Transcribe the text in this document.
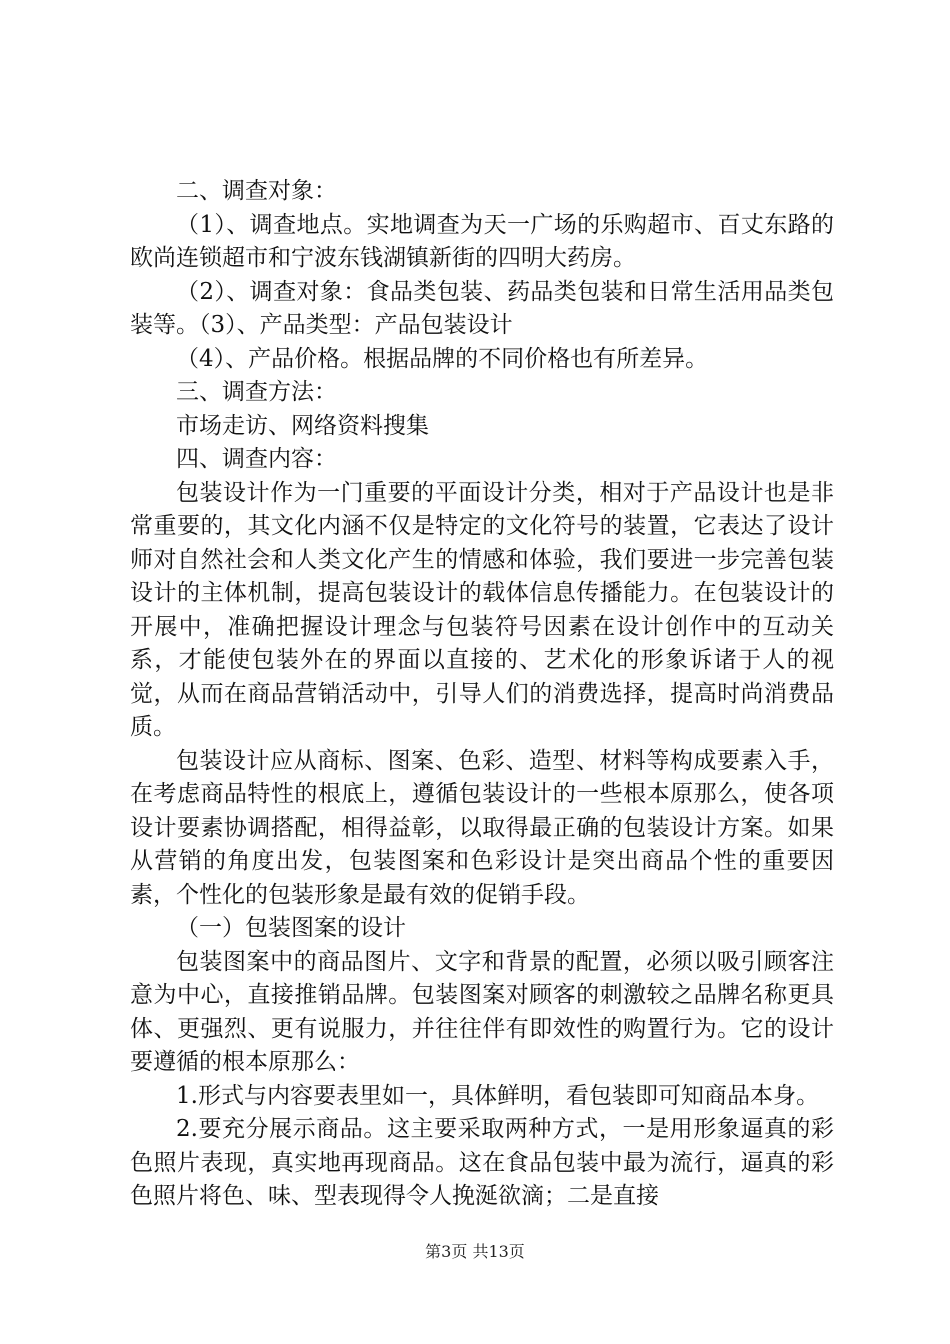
二、调查对象：

（1）、调查地点。实地调查为天一广场的乐购超市、百丈东路的欧尚连锁超市和宁波东钱湖镇新街的四明大药房。

（2）、调查对象：食品类包装、药品类包装和日常生活用品类包装等。（3）、产品类型：产品包装设计

（4）、产品价格。根据品牌的不同价格也有所差异。

三、调查方法：

市场走访、网络资料搜集

四、调查内容：

包装设计作为一门重要的平面设计分类，相对于产品设计也是非常重要的，其文化内涵不仅是特定的文化符号的装置，它表达了设计师对自然社会和人类文化产生的情感和体验，我们要进一步完善包装设计的主体机制，提高包装设计的载体信息传播能力。在包装设计的开展中，准确把握设计理念与包装符号因素在设计创作中的互动关系，才能使包装外在的界面以直接的、艺术化的形象诉诸于人的视觉，从而在商品营销活动中，引导人们的消费选择，提高时尚消费品质。

包装设计应从商标、图案、色彩、造型、材料等构成要素入手，在考虑商品特性的根底上，遵循包装设计的一些根本原那么，使各项设计要素协调搭配，相得益彰，以取得最正确的包装设计方案。如果从营销的角度出发，包装图案和色彩设计是突出商品个性的重要因素，个性化的包装形象是最有效的促销手段。

（一）包装图案的设计

包装图案中的商品图片、文字和背景的配置，必须以吸引顾客注意为中心，直接推销品牌。包装图案对顾客的刺激较之品牌名称更具体、更强烈、更有说服力，并往往伴有即效性的购置行为。它的设计要遵循的根本原那么：

1.形式与内容要表里如一，具体鲜明，看包装即可知商品本身。

2.要充分展示商品。这主要采取两种方式，一是用形象逼真的彩色照片表现，真实地再现商品。这在食品包装中最为流行，逼真的彩色照片将色、味、型表现得令人挽涎欲滴；二是直接

第3页 共13页
